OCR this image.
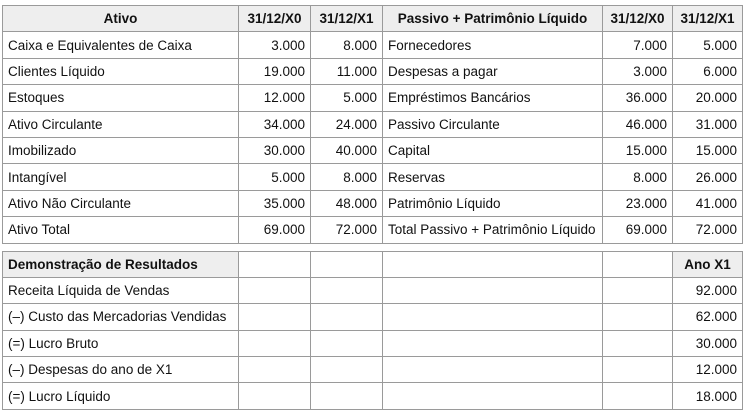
Ativo	31/12/X0	31/12/X1	Passivo + Patrimônio Líquido	31/12/X0	31/12/X1
Caixa e Equivalentes de Caixa	3.000	8.000	Fornecedores	7.000	5.000
Clientes Líquido	19.000	11.000	Despesas a pagar	3.000	6.000
Estoques	12.000	5.000	Empréstimos Bancários	36.000	20.000
Ativo Circulante	34.000	24.000	Passivo Circulante	46.000	31.000
Imobilizado	30.000	40.000	Capital	15.000	15.000
Intangível	5.000	8.000	Reservas	8.000	26.000
Ativo Não Circulante	35.000	48.000	Patrimônio Líquido	23.000	41.000
Ativo Total	69.000	72.000	Total Passivo + Patrimônio Líquido	69.000	72.000

Demonstração de Resultados					Ano X1
Receita Líquida de Vendas					92.000
(–) Custo das Mercadorias Vendidas					62.000
(=) Lucro Bruto					30.000
(–) Despesas do ano de X1					12.000
(=) Lucro Líquido					18.000
